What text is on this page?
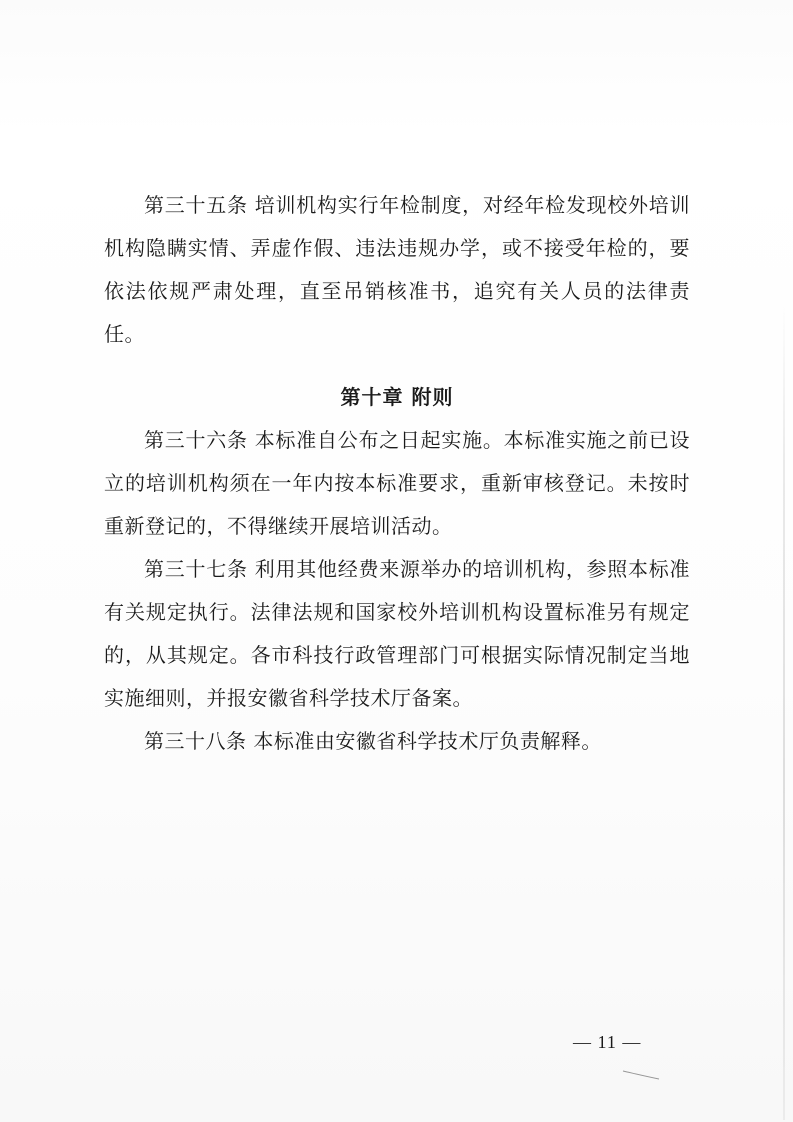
第三十五条 培训机构实行年检制度，对经年检发现校外培训机构隐瞒实情、弄虚作假、违法违规办学，或不接受年检的，要依法依规严肃处理，直至吊销核准书，追究有关人员的法律责任。

第十章 附则

第三十六条 本标准自公布之日起实施。本标准实施之前已设立的培训机构须在一年内按本标准要求，重新审核登记。未按时重新登记的，不得继续开展培训活动。

第三十七条 利用其他经费来源举办的培训机构，参照本标准有关规定执行。法律法规和国家校外培训机构设置标准另有规定的，从其规定。各市科技行政管理部门可根据实际情况制定当地实施细则，并报安徽省科学技术厅备案。

第三十八条 本标准由安徽省科学技术厅负责解释。

— 11 —
